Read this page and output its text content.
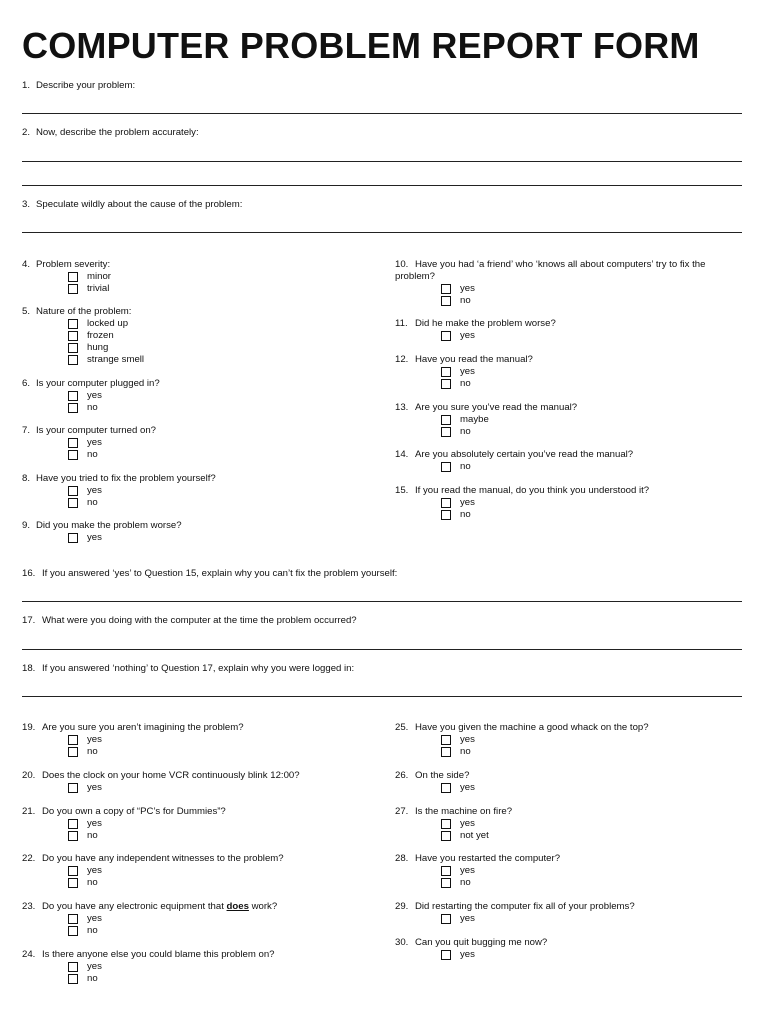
COMPUTER PROBLEM REPORT FORM
1. Describe your problem:
2. Now, describe the problem accurately:
3. Speculate wildly about the cause of the problem:
4. Problem severity:
minor
trivial
5. Nature of the problem:
locked up
frozen
hung
strange smell
6. Is your computer plugged in?
yes
no
7. Is your computer turned on?
yes
no
8. Have you tried to fix the problem yourself?
yes
no
9. Did you make the problem worse?
yes
10. Have you had ‘a friend’ who ‘knows all about computers’ try to fix the problem?
yes
no
11. Did he make the problem worse?
yes
12. Have you read the manual?
yes
no
13. Are you sure you’ve read the manual?
maybe
no
14. Are you absolutely certain you’ve read the manual?
no
15. If you read the manual, do you think you understood it?
yes
no
16. If you answered ‘yes’ to Question 15, explain why you can’t fix the problem yourself:
17. What were you doing with the computer at the time the problem occurred?
18. If you answered ‘nothing’ to Question 17, explain why you were logged in:
19. Are you sure you aren’t imagining the problem?
yes
no
20. Does the clock on your home VCR continuously blink 12:00?
yes
21. Do you own a copy of “PC’s for Dummies”?
yes
no
22. Do you have any independent witnesses to the problem?
yes
no
23. Do you have any electronic equipment that does work?
yes
no
24. Is there anyone else you could blame this problem on?
yes
no
25. Have you given the machine a good whack on the top?
yes
no
26. On the side?
yes
27. Is the machine on fire?
yes
not yet
28. Have you restarted the computer?
yes
no
29. Did restarting the computer fix all of your problems?
yes
30. Can you quit bugging me now?
yes
